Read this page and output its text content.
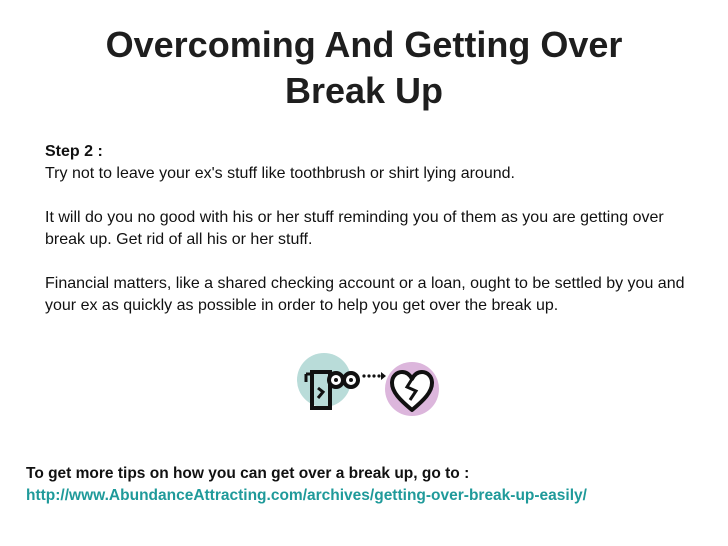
Overcoming And Getting Over
Break Up
Step 2 :

Try not to leave your ex's stuff like toothbrush or shirt lying around.

It will do you no good with his or her stuff reminding you of them as you are getting over break up. Get rid of all his or her stuff.

Financial matters, like a shared checking account or a loan, ought to be settled by you and your ex as quickly as possible in order to help you get over the break up.

To get more tips on how you can get over a break up, go to :
http://www.AbundanceAttracting.com/archives/getting-over-break-up-easily/
